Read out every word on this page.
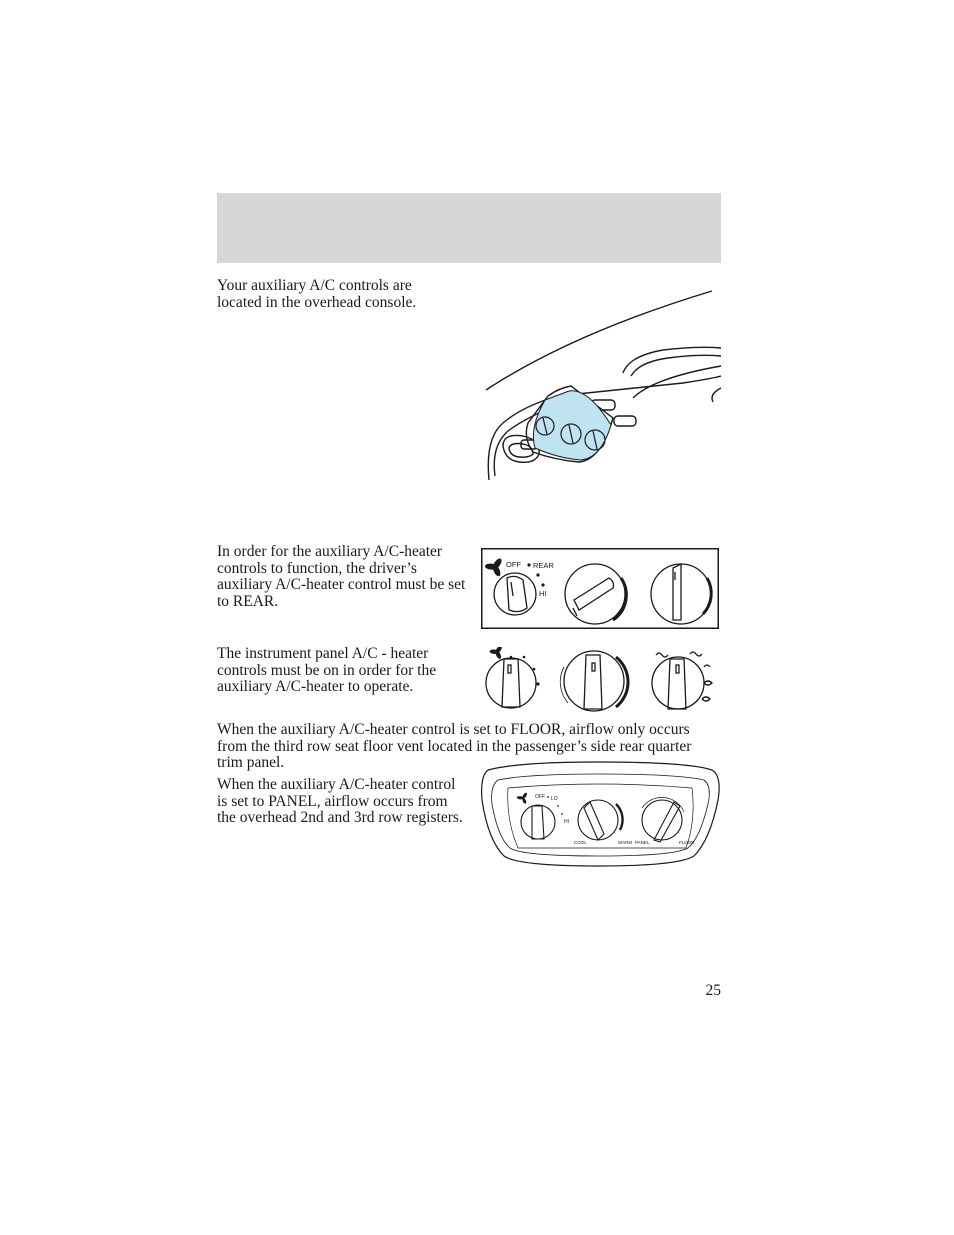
Your auxiliary A/C controls are located in the overhead console.

In order for the auxiliary A/C-heater controls to function, the driver’s auxiliary A/C-heater control must be set to REAR.

OFF REAR
HI

The instrument panel A/C - heater controls must be on in order for the auxiliary A/C-heater to operate.

When the auxiliary A/C-heater control is set to FLOOR, airflow only occurs from the third row seat floor vent located in the passenger’s side rear quarter trim panel.

When the auxiliary A/C-heater control is set to PANEL, airflow occurs from the overhead 2nd and 3rd row registers.

OFF LO
HI
COOL	WARM PANEL	FLOOR
25
